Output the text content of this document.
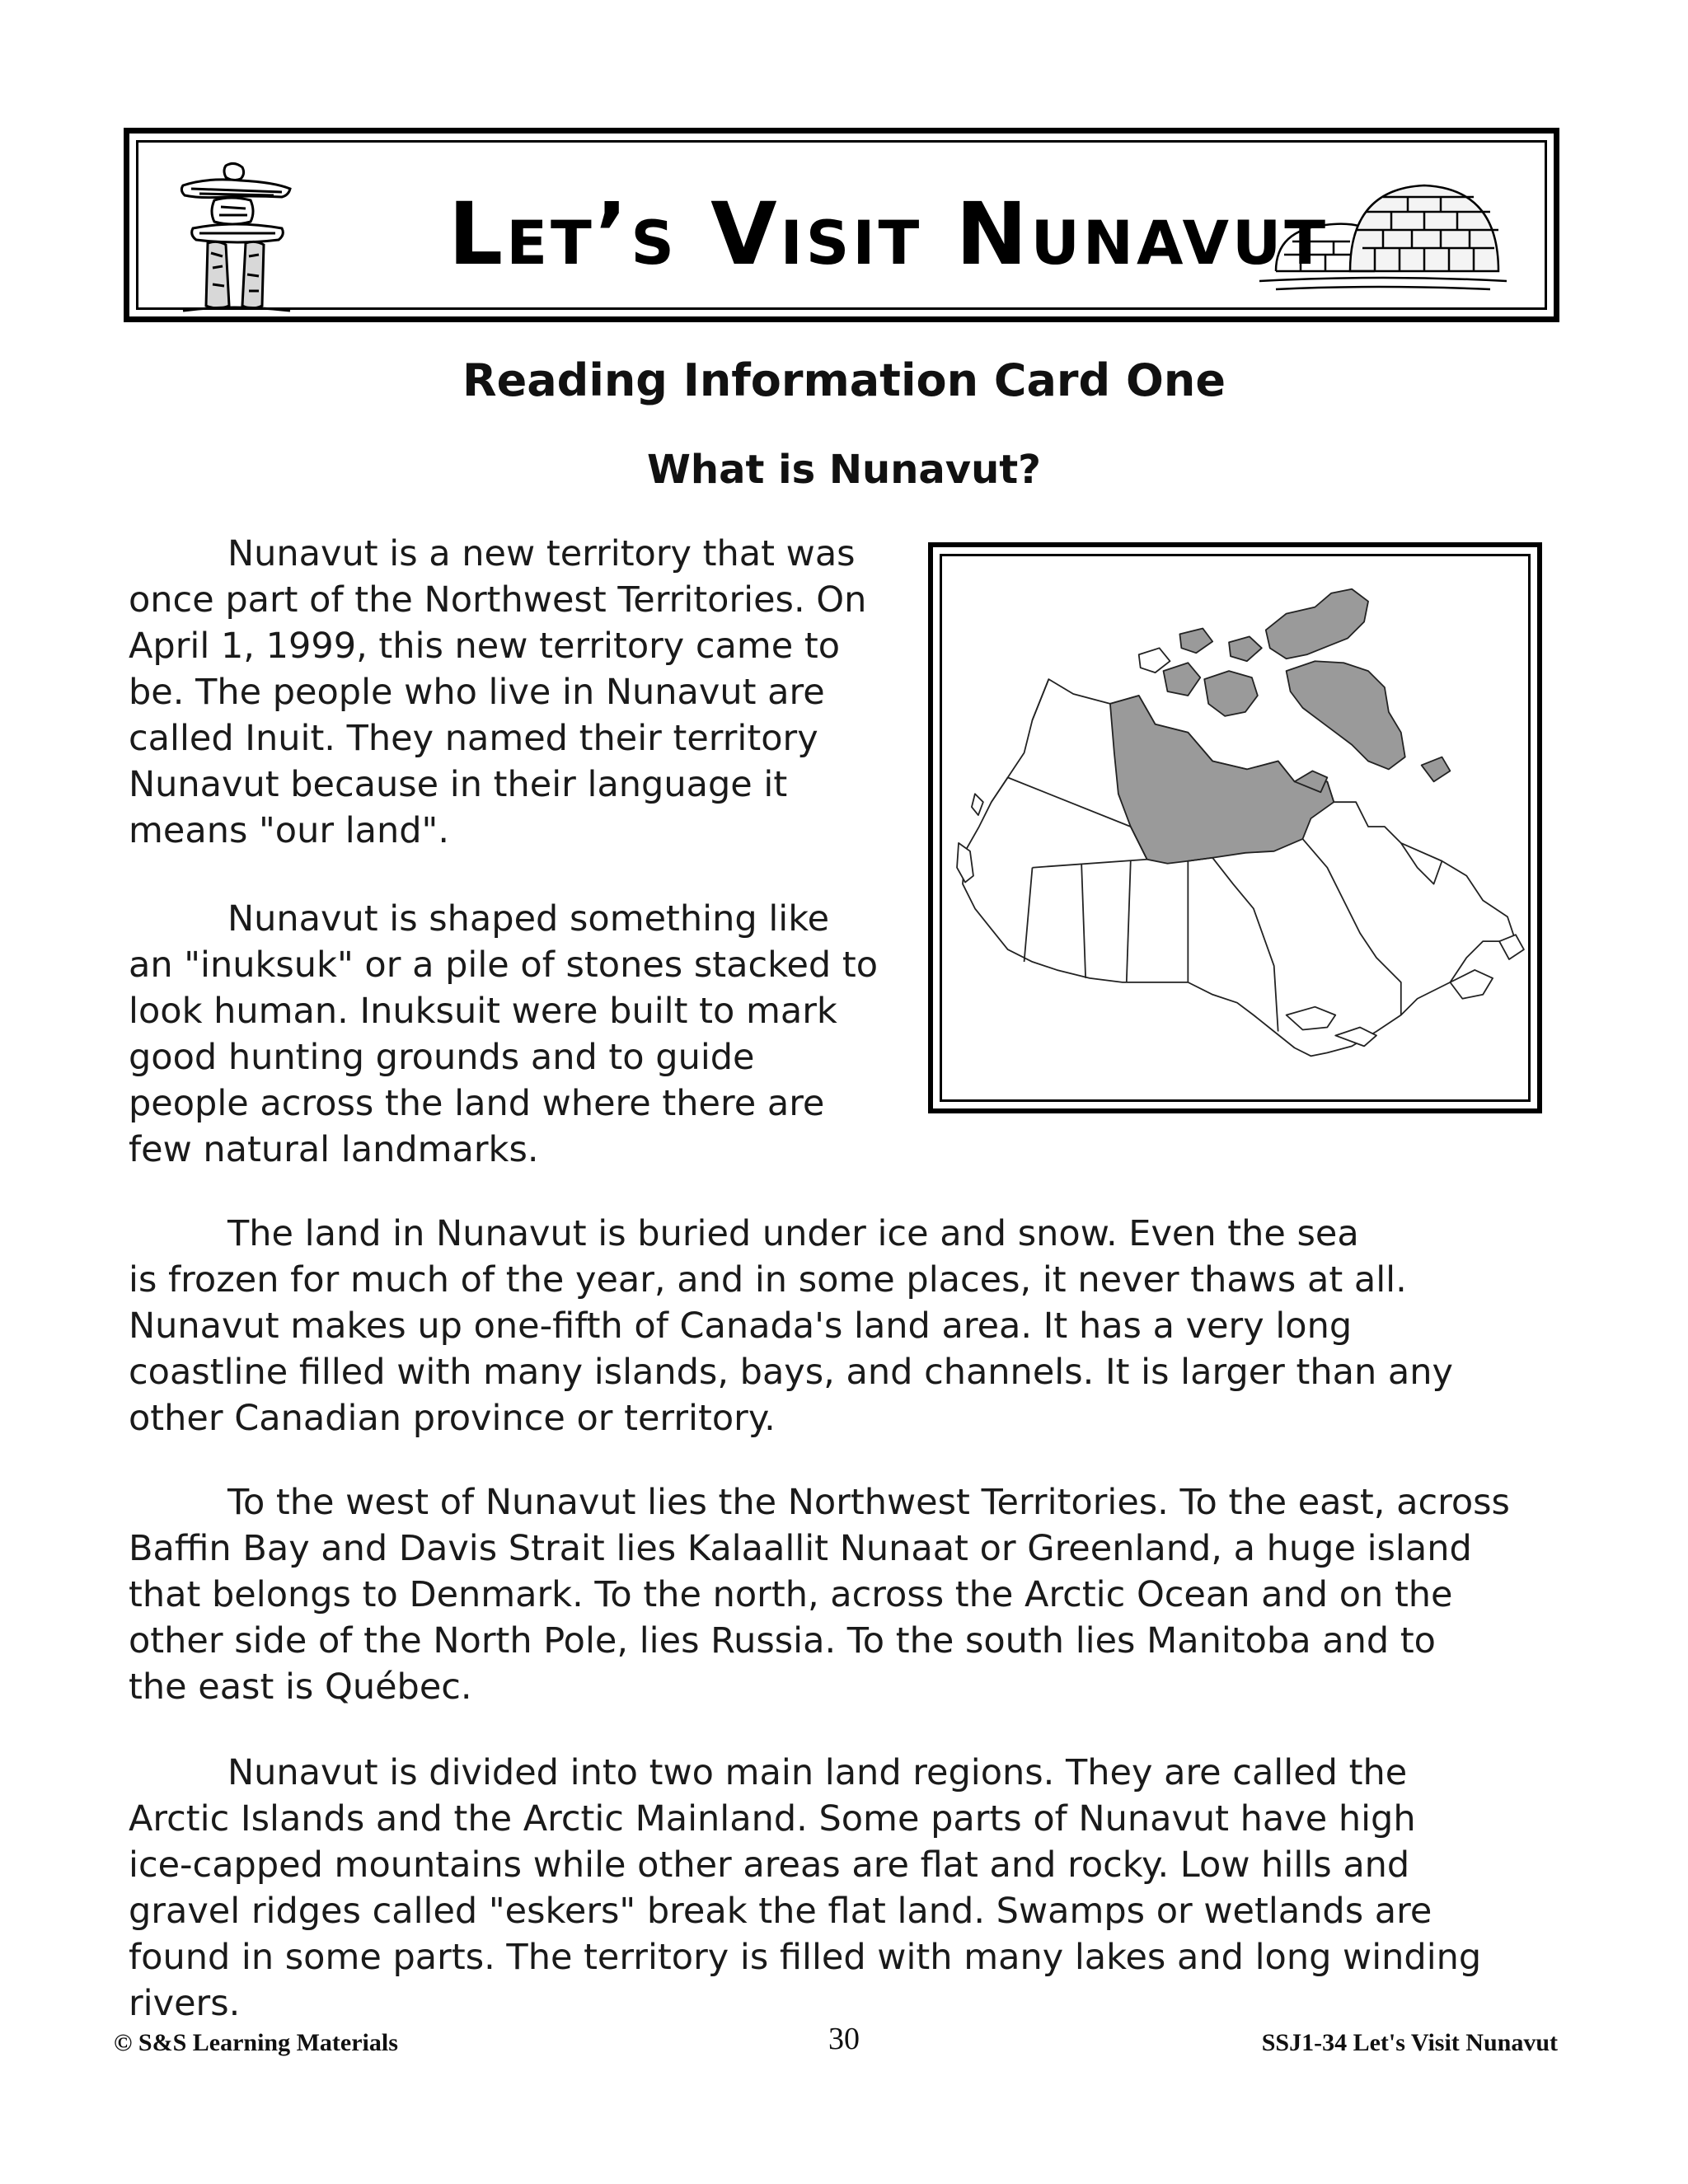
Let’s Visit Nunavut
Reading Information Card One
What is Nunavut?

Nunavut is a new territory that was
once part of the Northwest Territories. On
April 1, 1999, this new territory came to
be. The people who live in Nunavut are
called Inuit. They named their territory
Nunavut because in their language it
means "our land".

Nunavut is shaped something like
an "inuksuk" or a pile of stones stacked to
look human. Inuksuit were built to mark
good hunting grounds and to guide
people across the land where there are
few natural landmarks.

The land in Nunavut is buried under ice and snow. Even the sea
is frozen for much of the year, and in some places, it never thaws at all.
Nunavut makes up one-fifth of Canada's land area. It has a very long
coastline filled with many islands, bays, and channels. It is larger than any
other Canadian province or territory.

To the west of Nunavut lies the Northwest Territories. To the east, across
Baffin Bay and Davis Strait lies Kalaallit Nunaat or Greenland, a huge island
that belongs to Denmark. To the north, across the Arctic Ocean and on the
other side of the North Pole, lies Russia. To the south lies Manitoba and to
the east is Québec.

Nunavut is divided into two main land regions. They are called the
Arctic Islands and the Arctic Mainland. Some parts of Nunavut have high
ice-capped mountains while other areas are flat and rocky. Low hills and
gravel ridges called "eskers" break the flat land. Swamps or wetlands are
found in some parts. The territory is filled with many lakes and long winding
rivers.

© S&S Learning Materials	30	SSJ1-34 Let's Visit Nunavut
